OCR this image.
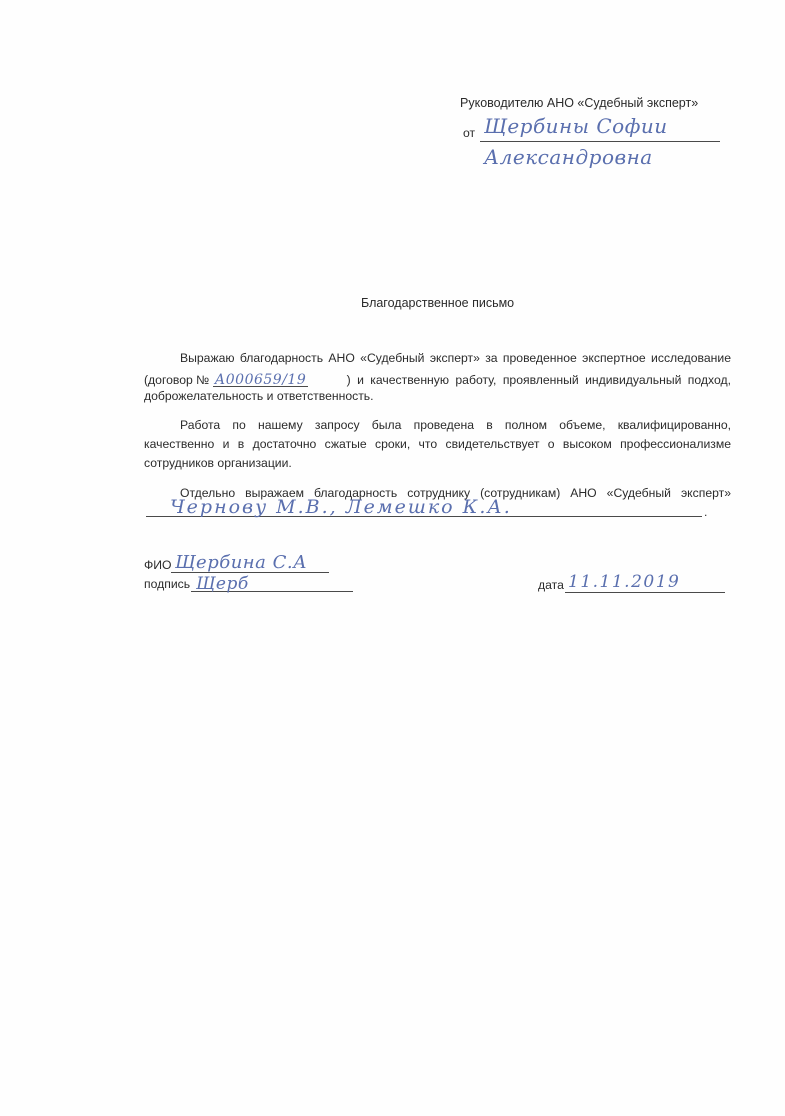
Руководителю АНО «Судебный эксперт»
от Щербины Софии
Александровна
Благодарственное письмо
Выражаю благодарность АНО «Судебный эксперт» за проведенное экспертное исследование
(договор № А000659/19	) и качественную работу, проявленный индивидуальный подход,
доброжелательность и ответственность.
Работа по нашему запросу была проведена в полном объеме, квалифицированно,
качественно и в достаточно сжатые сроки, что свидетельствует о высоком профессионализме
сотрудников организации.
Отдельно выражаем благодарность сотруднику (сотрудникам) АНО «Судебный эксперт»
Чернову М.В., Лемешко К.А.	.
ФИО Щербина С.А
подпись Щерб	дата 11.11.2019
